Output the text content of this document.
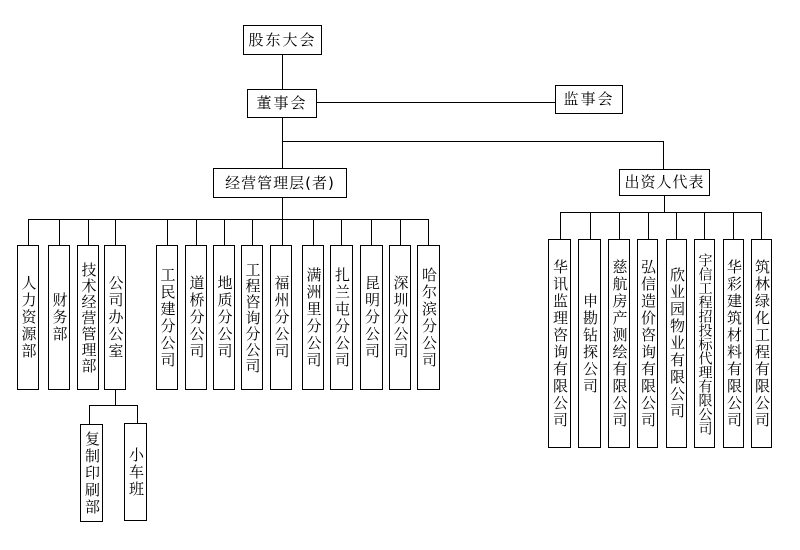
股东大会
董事会	监事会
经营管理层(者)	出资人代表
人力资源部 财务部 技术经营管理部 公司办公室 工民建分公司 道桥分公司 地质分公司 工程咨询分公司 福州分公司 满洲里分公司 扎兰屯分公司 昆明分公司 深圳分公司 哈尔滨分公司
复制印刷部 小车班
华讯监理咨询有限公司 申勘钻探公司 慈航房产测绘有限公司 弘信造价咨询有限公司 欣业园物业有限公司 宇信工程招投标代理有限公司 华彩建筑材料有限公司 筑林绿化工程有限公司
